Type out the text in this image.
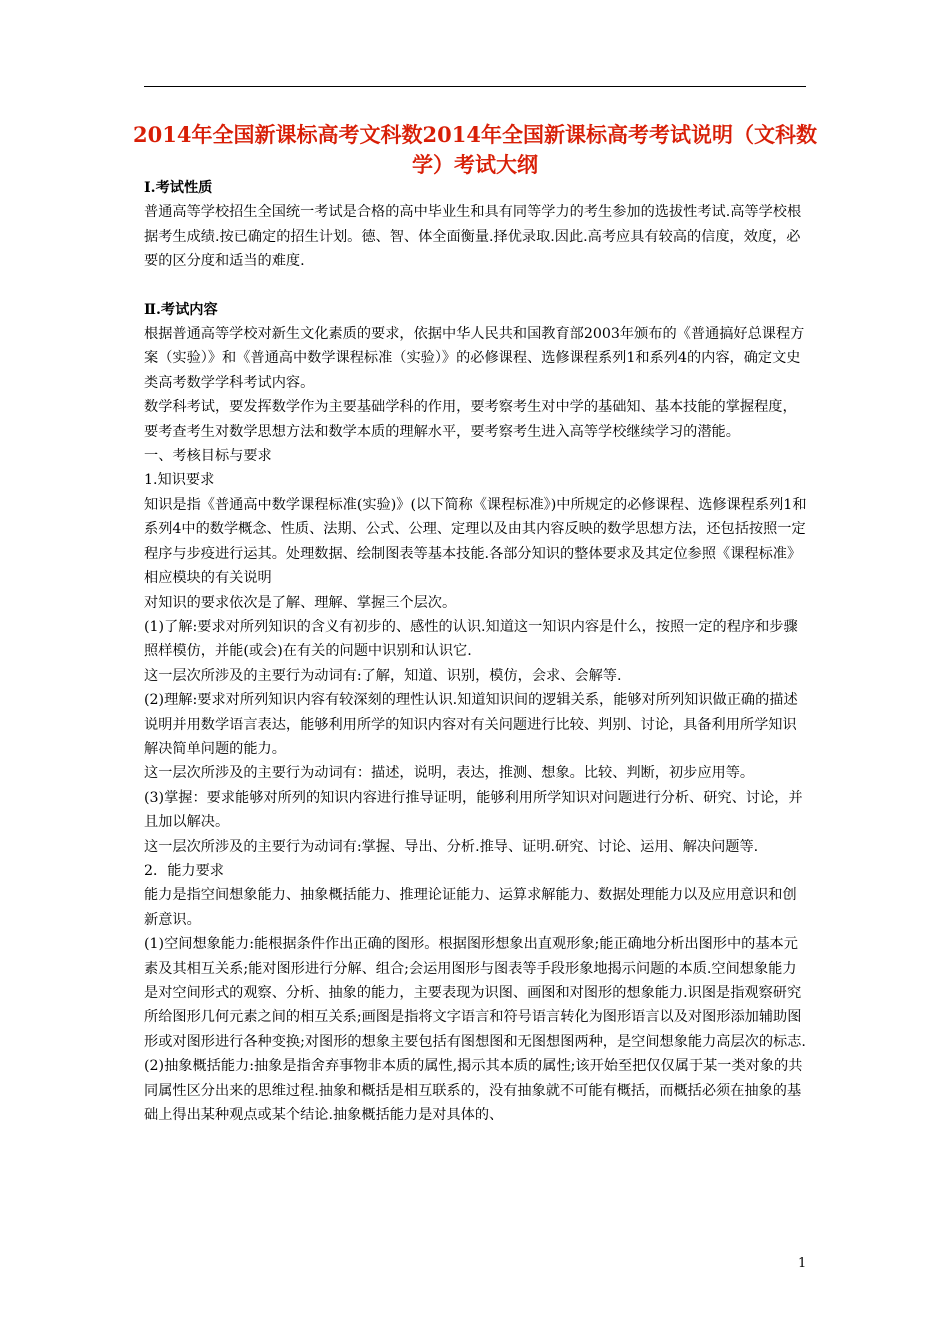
2014年全国新课标高考文科数2014年全国新课标高考考试说明（文科数学）考试大纲

I.考试性质

普通高等学校招生全国统一考试是合格的高中毕业生和具有同等学力的考生参加的选拔性考试.高等学校根据考生成绩.按已确定的招生计划。德、智、体全面衡量.择优录取.因此.高考应具有较高的信度，效度，必要的区分度和适当的难度.

Ⅱ.考试内容

根据普通高等学校对新生文化素质的要求，依据中华人民共和国教育部2003年颁布的《普通搞好总课程方案（实验）》和《普通高中数学课程标准（实验）》的必修课程、选修课程系列1和系列4的内容，确定文史类高考数学学科考试内容。

数学科考试，要发挥数学作为主要基础学科的作用，要考察考生对中学的基础知、基本技能的掌握程度，要考查考生对数学思想方法和数学本质的理解水平，要考察考生进入高等学校继续学习的潜能。

一、考核目标与要求

1.知识要求

知识是指《普通高中数学课程标准(实验)》(以下简称《课程标准》)中所规定的必修课程、选修课程系列1和系列4中的数学概念、性质、法期、公式、公理、定理以及由其内容反映的数学思想方法，还包括按照一定程序与步疫进行运其。处理数据、绘制图表等基本技能.各部分知识的整体要求及其定位参照《课程标准》相应模块的有关说明

对知识的要求依次是了解、理解、掌握三个层次。

(1)了解:要求对所列知识的含义有初步的、感性的认识.知道这一知识内容是什么，按照一定的程序和步骤照样模仿，并能(或会)在有关的问题中识别和认识它.

这一层次所涉及的主要行为动词有:了解，知道、识别，模仿，会求、会解等.

(2)理解:要求对所列知识内容有较深刻的理性认识.知道知识间的逻辑关系，能够对所列知识做正确的描述说明并用数学语言表达，能够利用所学的知识内容对有关问题进行比较、判别、讨论，具备利用所学知识解决简单问题的能力。

这一层次所涉及的主要行为动词有：描述，说明，表达，推测、想象。比较、判断，初步应用等。

(3)掌握：要求能够对所列的知识内容进行推导证明，能够利用所学知识对问题进行分析、研究、讨论，并且加以解决。

这一层次所涉及的主要行为动词有:掌握、导出、分析.推导、证明.研究、讨论、运用、解决问题等.

2．能力要求

能力是指空间想象能力、抽象概括能力、推理论证能力、运算求解能力、数据处理能力以及应用意识和创新意识。

(1)空间想象能力:能根据条件作出正确的图形。根据图形想象出直观形象;能正确地分析出图形中的基本元素及其相互关系;能对图形进行分解、组合;会运用图形与图表等手段形象地揭示问题的本质.空间想象能力是对空间形式的观察、分析、抽象的能力，主要表现为识图、画图和对图形的想象能力.识图是指观察研究所给图形几何元素之间的相互关系;画图是指将文字语言和符号语言转化为图形语言以及对图形添加辅助图形或对图形进行各种变换;对图形的想象主要包括有图想图和无图想图两种，是空间想象能力高层次的标志.

(2)抽象概括能力:抽象是指舍弃事物非本质的属性,揭示其本质的属性;该开始至把仅仅属于某一类对象的共同属性区分出来的思维过程.抽象和概括是相互联系的，没有抽象就不可能有概括，而概括必须在抽象的基础上得出某种观点或某个结论.抽象概括能力是对具体的、

1
